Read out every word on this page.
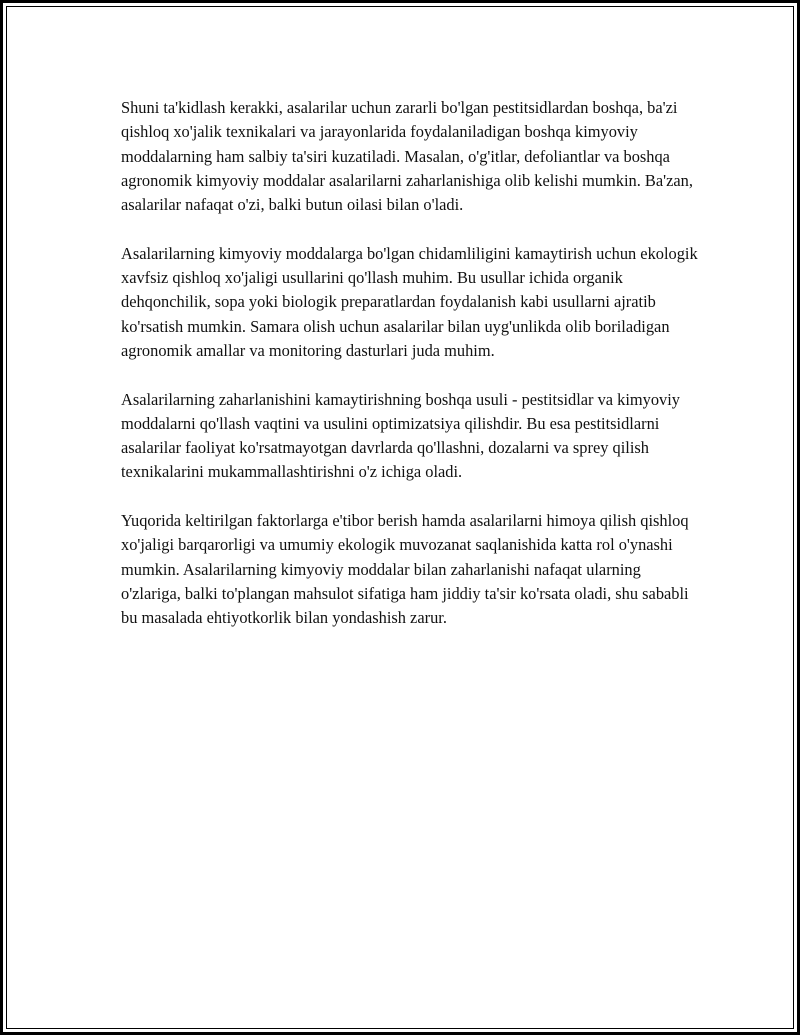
Shuni ta'kidlash kerakki, asalarilar uchun zararli bo'lgan pestitsidlardan boshqa, ba'zi qishloq xo'jalik texnikalari va jarayonlarida foydalaniladigan boshqa kimyoviy moddalarning ham salbiy ta'siri kuzatiladi. Masalan, o'g'itlar, defoliantlar va boshqa agronomik kimyoviy moddalar asalarilarni zaharlanishiga olib kelishi mumkin. Ba'zan, asalarilar nafaqat o'zi, balki butun oilasi bilan o'ladi.

Asalarilarning kimyoviy moddalarga bo'lgan chidamliligini kamaytirish uchun ekologik xavfsiz qishloq xo'jaligi usullarini qo'llash muhim. Bu usullar ichida organik dehqonchilik, sopa yoki biologik preparatlardan foydalanish kabi usullarni ajratib ko'rsatish mumkin. Samara olish uchun asalarilar bilan uyg'unlikda olib boriladigan agronomik amallar va monitoring dasturlari juda muhim.

Asalarilarning zaharlanishini kamaytirishning boshqa usuli - pestitsidlar va kimyoviy moddalarni qo'llash vaqtini va usulini optimizatsiya qilishdir. Bu esa pestitsidlarni asalarilar faoliyat ko'rsatmayotgan davrlarda qo'llashni, dozalarni va sprey qilish texnikalarini mukammallashtirishni o'z ichiga oladi.

Yuqorida keltirilgan faktorlarga e'tibor berish hamda asalarilarni himoya qilish qishloq xo'jaligi barqarorligi va umumiy ekologik muvozanat saqlanishida katta rol o'ynashi mumkin. Asalarilarning kimyoviy moddalar bilan zaharlanishi nafaqat ularning o'zlariga, balki to'plangan mahsulot sifatiga ham jiddiy ta'sir ko'rsata oladi, shu sababli bu masalada ehtiyotkorlik bilan yondashish zarur.
